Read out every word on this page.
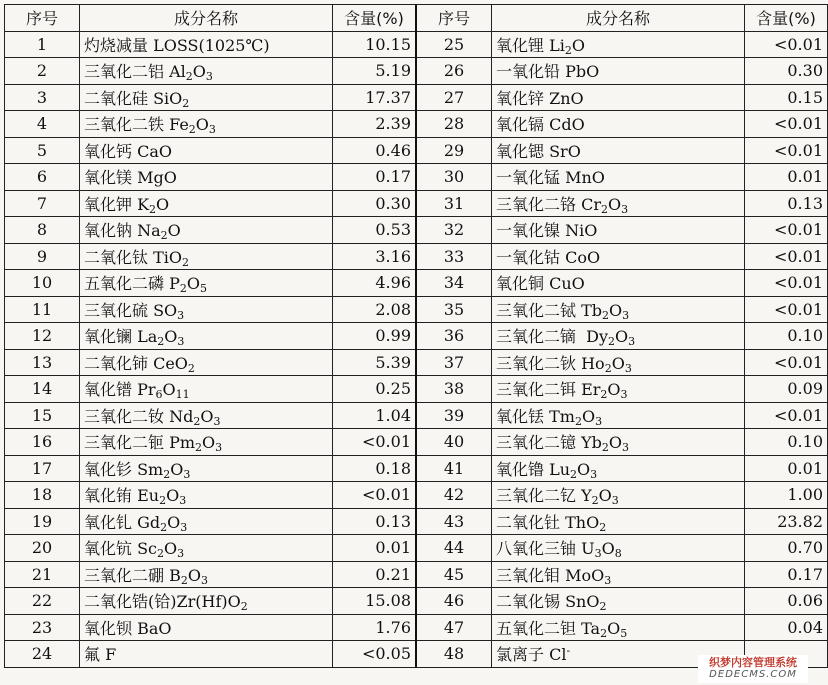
序号	成分名称	含量(%)	序号	成分名称	含量(%)
1	灼烧减量 LOSS(1025℃)	10.15	25	氧化锂 $Li_2O$	<0.01
2	三氧化二铝 $Al_2O_3$	5.19	26	一氧化铅 PbO	0.30
3	二氧化硅 SiO$_2$	17.37	27	氧化锌 ZnO	0.15
4	三氧化二铁 $Fe_2O_3$	2.39	28	氧化镉 CdO	<0.01
5	氧化钙 CaO	0.46	29	氧化锶 SrO	<0.01
6	氧化镁 MgO	0.17	30	一氧化锰 MnO	0.01
7	氧化钾 $K_2O$	0.30	31	三氧化二铬 $Cr_2O_3$	0.13
8	氧化钠 $Na_2O$	0.53	32	一氧化镍 NiO	<0.01
9	二氧化钛 TiO$_2$	3.16	33	一氧化钴 CoO	<0.01
10	五氧化二磷 $P_2O_5$	4.96	34	氧化铜 CuO	<0.01
11	三氧化硫 $SO_3$	2.08	35	三氧化二铽 $Tb_2O_3$	<0.01
12	氧化镧 $La_2O_3$	0.99	36	三氧化二镝  $Dy_2O_3$	0.10
13	二氧化铈 CeO$_2$	5.39	37	三氧化二钬 $Ho_2O_3$	<0.01
14	氧化镨 $Pr_6O_{11}$	0.25	38	三氧化二铒 $Er_2O_3$	0.09
15	三氧化二钕 $Nd_2O_3$	1.04	39	氧化铥 $Tm_2O_3$	<0.01
16	三氧化二钷 $Pm_2O_3$	<0.01	40	三氧化二镱 $Yb_2O_3$	0.10
17	氧化钐 $Sm_2O_3$	0.18	41	氧化镥 $Lu_2O_3$	0.01
18	氧化铕 $Eu_2O_3$	<0.01	42	三氧化二钇 $Y_2O_3$	1.00
19	氧化钆 $Gd_2O_3$	0.13	43	二氧化钍 ThO$_2$	23.82
20	氧化钪 $Sc_2O_3$	0.01	44	八氧化三铀 $U_3O_8$	0.70
21	三氧化二硼 $B_2O_3$	0.21	45	三氧化钼 MoO$_3$	0.17
22	二氧化锆(铪)$Zr(Hf)O_2$	15.08	46	二氧化锡 SnO$_2$	0.06
23	氧化钡 BaO	1.76	47	五氧化二钽 $Ta_2O_5$	0.04
24	氟 F	<0.05	48	氯离子 Cl-	
织梦内容管理系统
DEDECMS.COM
